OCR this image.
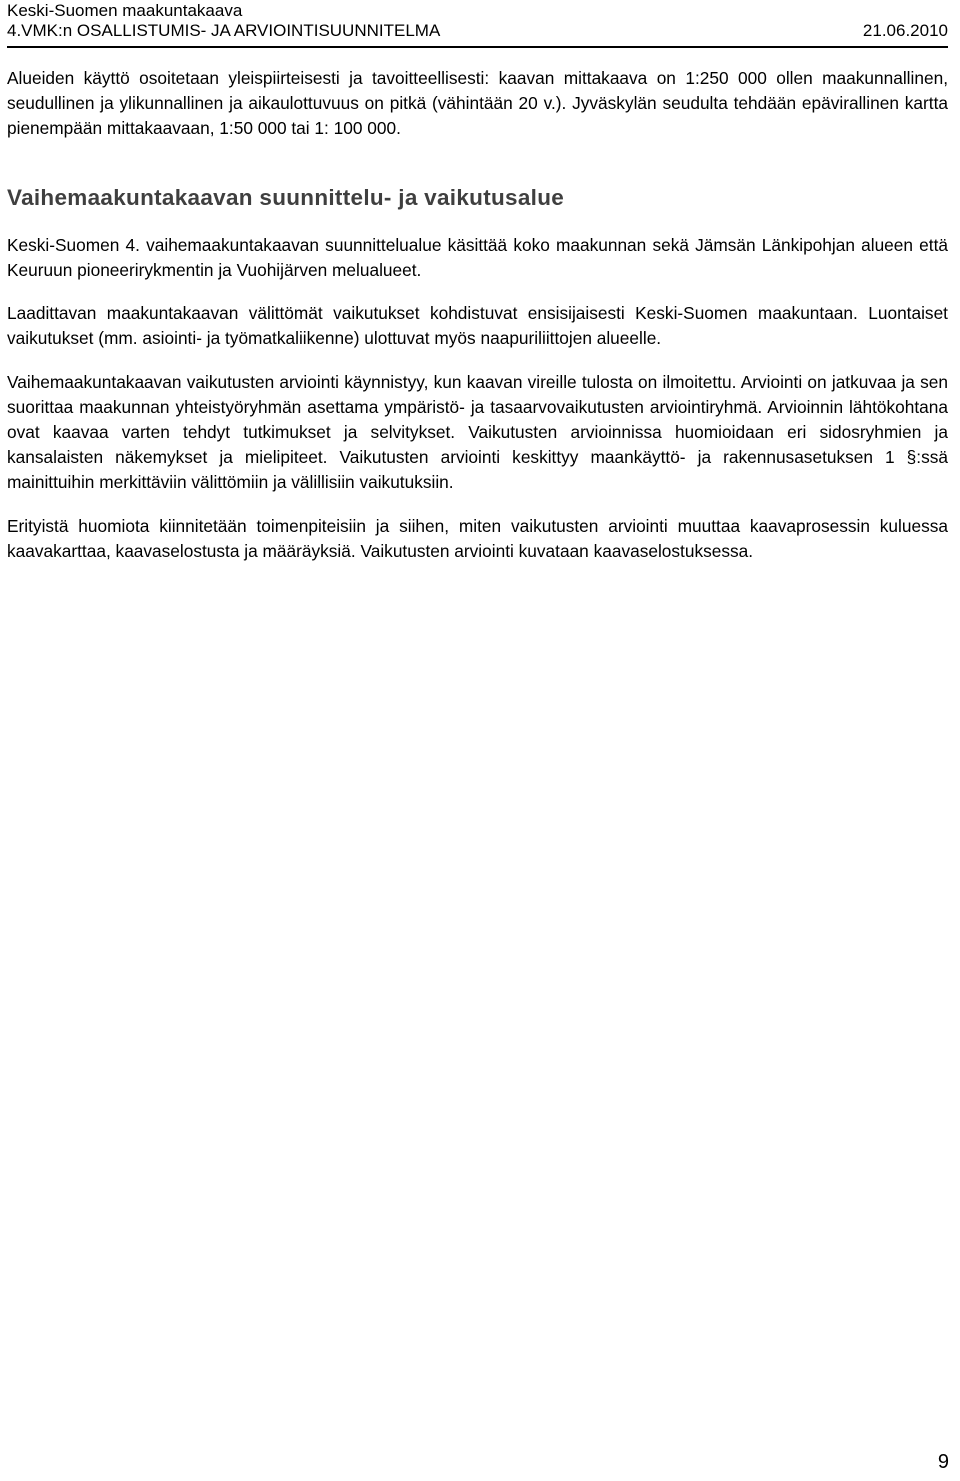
Keski-Suomen maakuntakaava
4.VMK:n OSALLISTUMIS- JA ARVIOINTISUUNNITELMA	21.06.2010

Alueiden käyttö osoitetaan yleispiirteisesti ja tavoitteellisesti: kaavan mittakaava on 1:250 000 ollen maakunnallinen, seudullinen ja ylikunnallinen ja aikaulottuvuus on pitkä (vähintään 20 v.). Jyväskylän seudulta tehdään epävirallinen kartta pienempään mittakaavaan, 1:50 000 tai 1: 100 000.

Vaihemaakuntakaavan suunnittelu- ja vaikutusalue

Keski-Suomen 4. vaihemaakuntakaavan suunnittelualue käsittää koko maakunnan sekä Jämsän Länkipohjan alueen että Keuruun pioneerirykmentin ja Vuohijärven melualueet.

Laadittavan maakuntakaavan välittömät vaikutukset kohdistuvat ensisijaisesti Keski-Suomen maakuntaan. Luontaiset vaikutukset (mm. asiointi- ja työmatkaliikenne) ulottuvat myös naapuriliittojen alueelle.

Vaihemaakuntakaavan vaikutusten arviointi käynnistyy, kun kaavan vireille tulosta on ilmoitettu. Arviointi on jatkuvaa ja sen suorittaa maakunnan yhteistyöryhmän asettama ympäristö- ja tasaarvovaikutusten arviointiryhmä. Arvioinnin lähtökohtana ovat kaavaa varten tehdyt tutkimukset ja selvitykset. Vaikutusten arvioinnissa huomioidaan eri sidosryhmien ja kansalaisten näkemykset ja mielipiteet. Vaikutusten arviointi keskittyy maankäyttö- ja rakennusasetuksen 1 §:ssä mainittuihin merkittäviin välittömiin ja välillisiin vaikutuksiin.

Erityistä huomiota kiinnitetään toimenpiteisiin ja siihen, miten vaikutusten arviointi muuttaa kaavaprosessin kuluessa kaavakarttaa, kaavaselostusta ja määräyksiä. Vaikutusten arviointi kuvataan kaavaselostuksessa.

9
